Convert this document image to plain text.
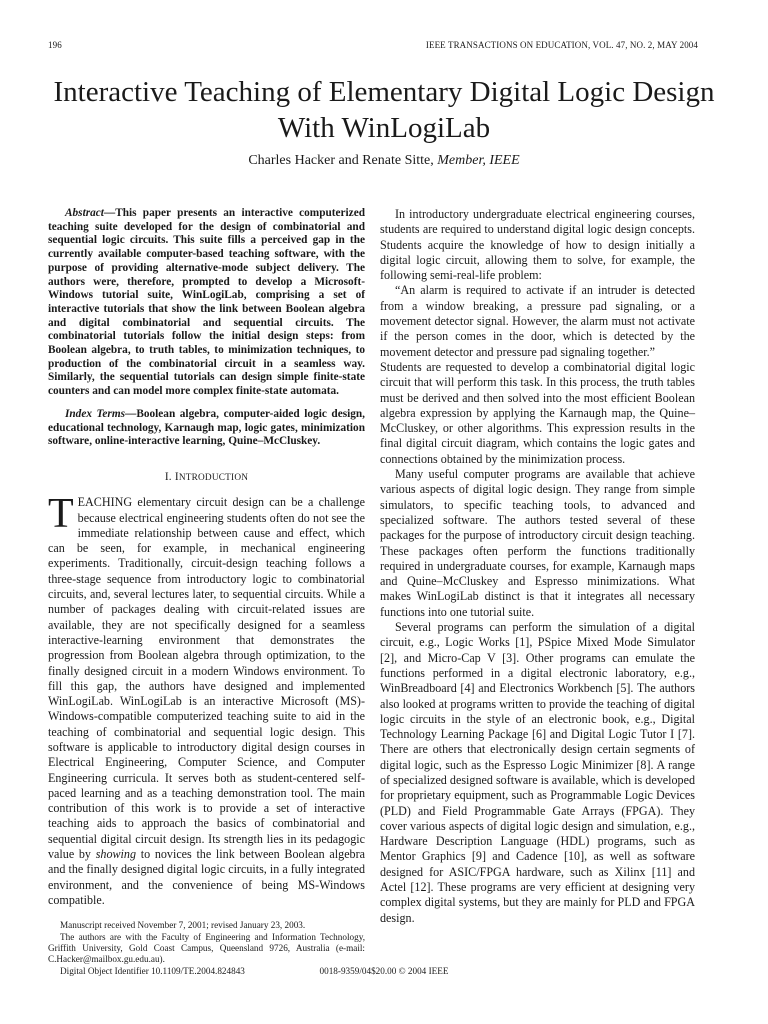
196	IEEE TRANSACTIONS ON EDUCATION, VOL. 47, NO. 2, MAY 2004
Interactive Teaching of Elementary Digital Logic Design With WinLogiLab
Charles Hacker and Renate Sitte, Member, IEEE

Abstract—This paper presents an interactive computerized teaching suite developed for the design of combinatorial and sequential logic circuits. This suite fills a perceived gap in the currently available computer-based teaching software, with the purpose of providing alternative-mode subject delivery. The authors were, therefore, prompted to develop a Microsoft-Windows tutorial suite, WinLogiLab, comprising a set of interactive tutorials that show the link between Boolean algebra and digital combinatorial and sequential circuits. The combinatorial tutorials follow the initial design steps: from Boolean algebra, to truth tables, to minimization techniques, to production of the combinatorial circuit in a seamless way. Similarly, the sequential tutorials can design simple finite-state counters and can model more complex finite-state automata.

Index Terms—Boolean algebra, computer-aided logic design, educational technology, Karnaugh map, logic gates, minimization software, online-interactive learning, Quine–McCluskey.

I. INTRODUCTION

TEACHING elementary circuit design can be a challenge because electrical engineering students often do not see the immediate relationship between cause and effect, which can be seen, for example, in mechanical engineering experiments. Traditionally, circuit-design teaching follows a three-stage sequence from introductory logic to combinatorial circuits, and, several lectures later, to sequential circuits. While a number of packages dealing with circuit-related issues are available, they are not specifically designed for a seamless interactive-learning environment that demonstrates the progression from Boolean algebra through optimization, to the finally designed circuit in a modern Windows environment. To fill this gap, the authors have designed and implemented WinLogiLab. WinLogiLab is an interactive Microsoft (MS)-Windows-compatible computerized teaching suite to aid in the teaching of combinatorial and sequential logic design. This software is applicable to introductory digital design courses in Electrical Engineering, Computer Science, and Computer Engineering curricula. It serves both as student-centered self-paced learning and as a teaching demonstration tool. The main contribution of this work is to provide a set of interactive teaching aids to approach the basics of combinatorial and sequential digital circuit design. Its strength lies in its pedagogic value by showing to novices the link between Boolean algebra and the finally designed digital logic circuits, in a fully integrated environment, and the convenience of being MS-Windows compatible.

Manuscript received November 7, 2001; revised January 23, 2003.

The authors are with the Faculty of Engineering and Information Technology, Griffith University, Gold Coast Campus, Queensland 9726, Australia (e-mail: C.Hacker@mailbox.gu.edu.au).

Digital Object Identifier 10.1109/TE.2004.824843

In introductory undergraduate electrical engineering courses, students are required to understand digital logic design concepts. Students acquire the knowledge of how to design initially a digital logic circuit, allowing them to solve, for example, the following semi-real-life problem:

“An alarm is required to activate if an intruder is detected from a window breaking, a pressure pad signaling, or a movement detector signal. However, the alarm must not activate if the person comes in the door, which is detected by the movement detector and pressure pad signaling together.”

Students are requested to develop a combinatorial digital logic circuit that will perform this task. In this process, the truth tables must be derived and then solved into the most efficient Boolean algebra expression by applying the Karnaugh map, the Quine–McCluskey, or other algorithms. This expression results in the final digital circuit diagram, which contains the logic gates and connections obtained by the minimization process.

Many useful computer programs are available that achieve various aspects of digital logic design. They range from simple simulators, to specific teaching tools, to advanced and specialized software. The authors tested several of these packages for the purpose of introductory circuit design teaching. These packages often perform the functions traditionally required in undergraduate courses, for example, Karnaugh maps and Quine–McCluskey and Espresso minimizations. What makes WinLogiLab distinct is that it integrates all necessary functions into one tutorial suite.

Several programs can perform the simulation of a digital circuit, e.g., Logic Works [1], PSpice Mixed Mode Simulator [2], and Micro-Cap V [3]. Other programs can emulate the functions performed in a digital electronic laboratory, e.g., WinBreadboard [4] and Electronics Workbench [5]. The authors also looked at programs written to provide the teaching of digital logic circuits in the style of an electronic book, e.g., Digital Technology Learning Package [6] and Digital Logic Tutor I [7]. There are others that electronically design certain segments of digital logic, such as the Espresso Logic Minimizer [8]. A range of specialized designed software is available, which is developed for proprietary equipment, such as Programmable Logic Devices (PLD) and Field Programmable Gate Arrays (FPGA). They cover various aspects of digital logic design and simulation, e.g., Hardware Description Language (HDL) programs, such as Mentor Graphics [9] and Cadence [10], as well as software designed for ASIC/FPGA hardware, such as Xilinx [11] and Actel [12]. These programs are very efficient at designing very complex digital systems, but they are mainly for PLD and FPGA design.

0018-9359/04$20.00 © 2004 IEEE
